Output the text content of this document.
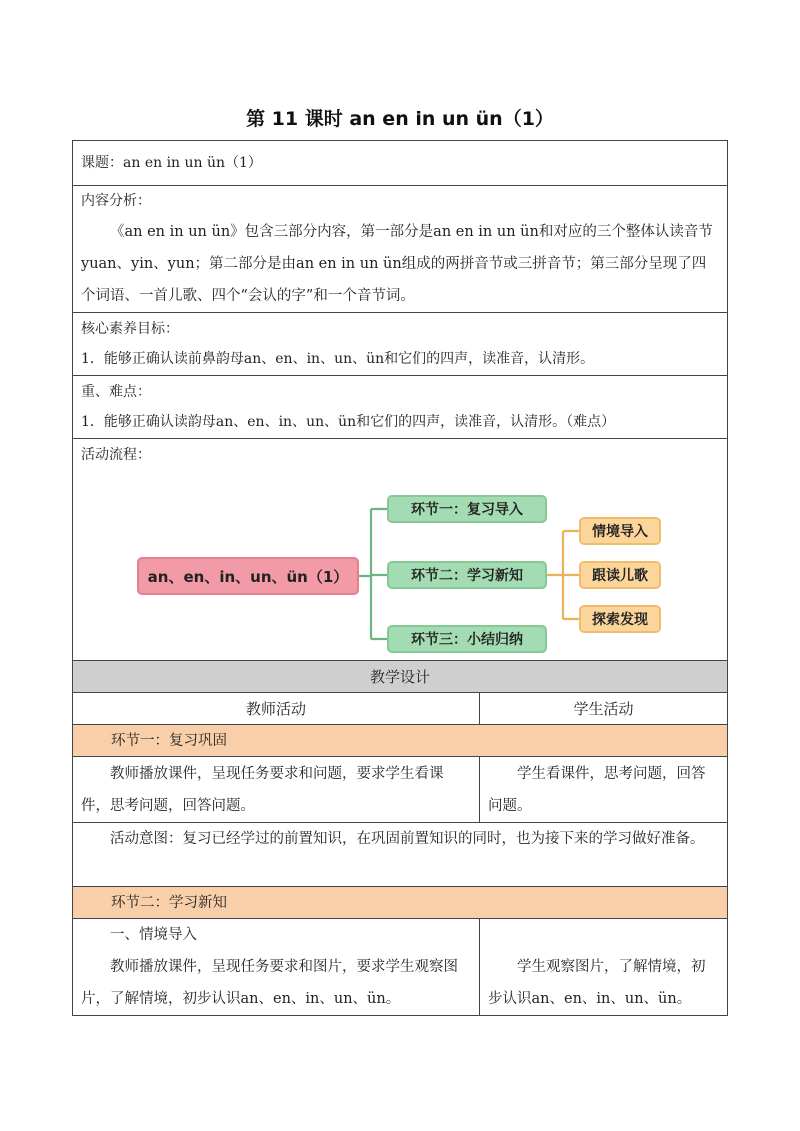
第 11 课时 an en in un ün（1）
课题：an en in un ün（1）
内容分析：
《an en in un ün》包含三部分内容，第一部分是an en in un ün和对应的三个整体认读音节yuan、yin、yun；第二部分是由an en in un ün组成的两拼音节或三拼音节；第三部分呈现了四个词语、一首儿歌、四个“会认的字”和一个音节词。
核心素养目标：
1．能够正确认读前鼻韵母an、en、in、un、ün和它们的四声，读准音，认清形。
重、难点：
1．能够正确认读韵母an、en、in、un、ün和它们的四声，读准音，认清形。（难点）
活动流程：
an、en、in、un、ün（1）
环节一：复习导入
环节二：学习新知
环节三：小结归纳
情境导入
跟读儿歌
探索发现
教学设计
教师活动	学生活动
环节一：复习巩固
教师播放课件，呈现任务要求和问题，要求学生看课件，思考问题，回答问题。
学生看课件，思考问题，回答问题。
活动意图：复习已经学过的前置知识，在巩固前置知识的同时，也为接下来的学习做好准备。
环节二：学习新知
一、情境导入
教师播放课件，呈现任务要求和图片，要求学生观察图片，了解情境，初步认识an、en、in、un、ün。
学生观察图片，了解情境，初步认识an、en、in、un、ün。
